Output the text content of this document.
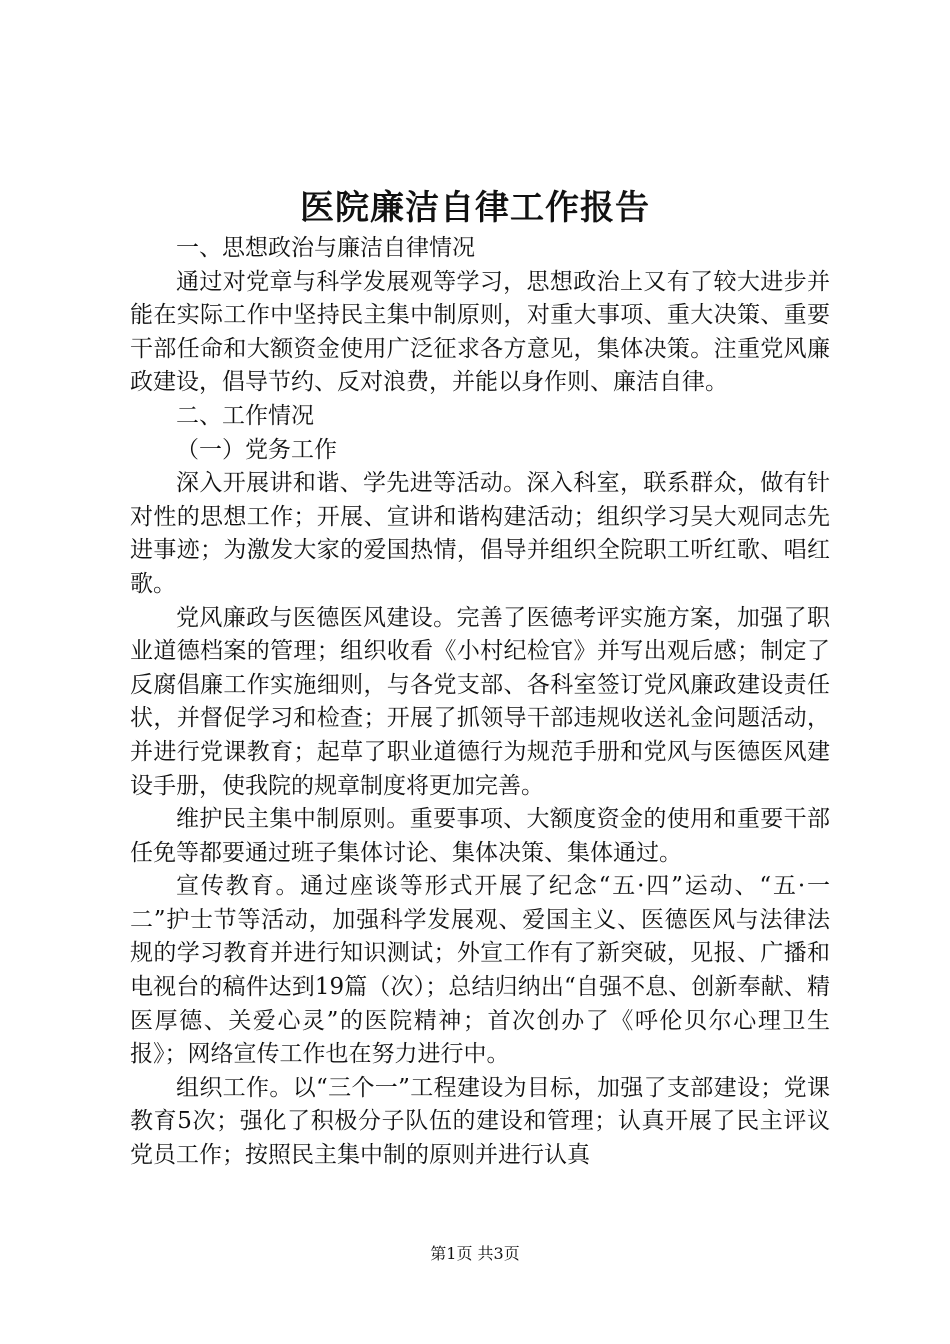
医院廉洁自律工作报告

一、思想政治与廉洁自律情况

通过对党章与科学发展观等学习，思想政治上又有了较大进步并能在实际工作中坚持民主集中制原则，对重大事项、重大决策、重要干部任命和大额资金使用广泛征求各方意见，集体决策。注重党风廉政建设，倡导节约、反对浪费，并能以身作则、廉洁自律。

二、工作情况

（一）党务工作

深入开展讲和谐、学先进等活动。深入科室，联系群众，做有针对性的思想工作；开展、宣讲和谐构建活动；组织学习吴大观同志先进事迹；为激发大家的爱国热情，倡导并组织全院职工听红歌、唱红歌。

党风廉政与医德医风建设。完善了医德考评实施方案，加强了职业道德档案的管理；组织收看《小村纪检官》并写出观后感；制定了反腐倡廉工作实施细则，与各党支部、各科室签订党风廉政建设责任状，并督促学习和检查；开展了抓领导干部违规收送礼金问题活动，并进行党课教育；起草了职业道德行为规范手册和党风与医德医风建设手册，使我院的规章制度将更加完善。

维护民主集中制原则。重要事项、大额度资金的使用和重要干部任免等都要通过班子集体讨论、集体决策、集体通过。

宣传教育。通过座谈等形式开展了纪念“五·四”运动、“五·一二”护士节等活动，加强科学发展观、爱国主义、医德医风与法律法规的学习教育并进行知识测试；外宣工作有了新突破，见报、广播和电视台的稿件达到19篇（次）；总结归纳出“自强不息、创新奉献、精医厚德、关爱心灵”的医院精神；首次创办了《呼伦贝尔心理卫生报》；网络宣传工作也在努力进行中。

组织工作。以“三个一”工程建设为目标，加强了支部建设；党课教育5次；强化了积极分子队伍的建设和管理；认真开展了民主评议党员工作；按照民主集中制的原则并进行认真

第1页 共3页
